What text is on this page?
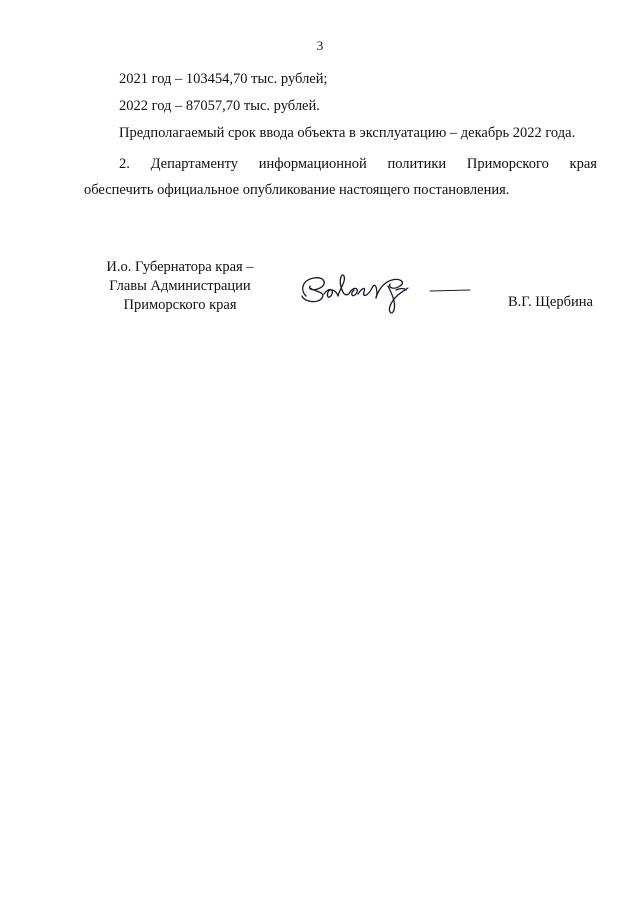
3
2021 год – 103454,70 тыс. рублей;
2022 год – 87057,70 тыс. рублей.
Предполагаемый срок ввода объекта в эксплуатацию – декабрь 2022 года.
2. Департаменту информационной политики Приморского края
обеспечить официальное опубликование настоящего постановления.
И.о. Губернатора края –
Главы Администрации
Приморского края	В.Г. Щербина
